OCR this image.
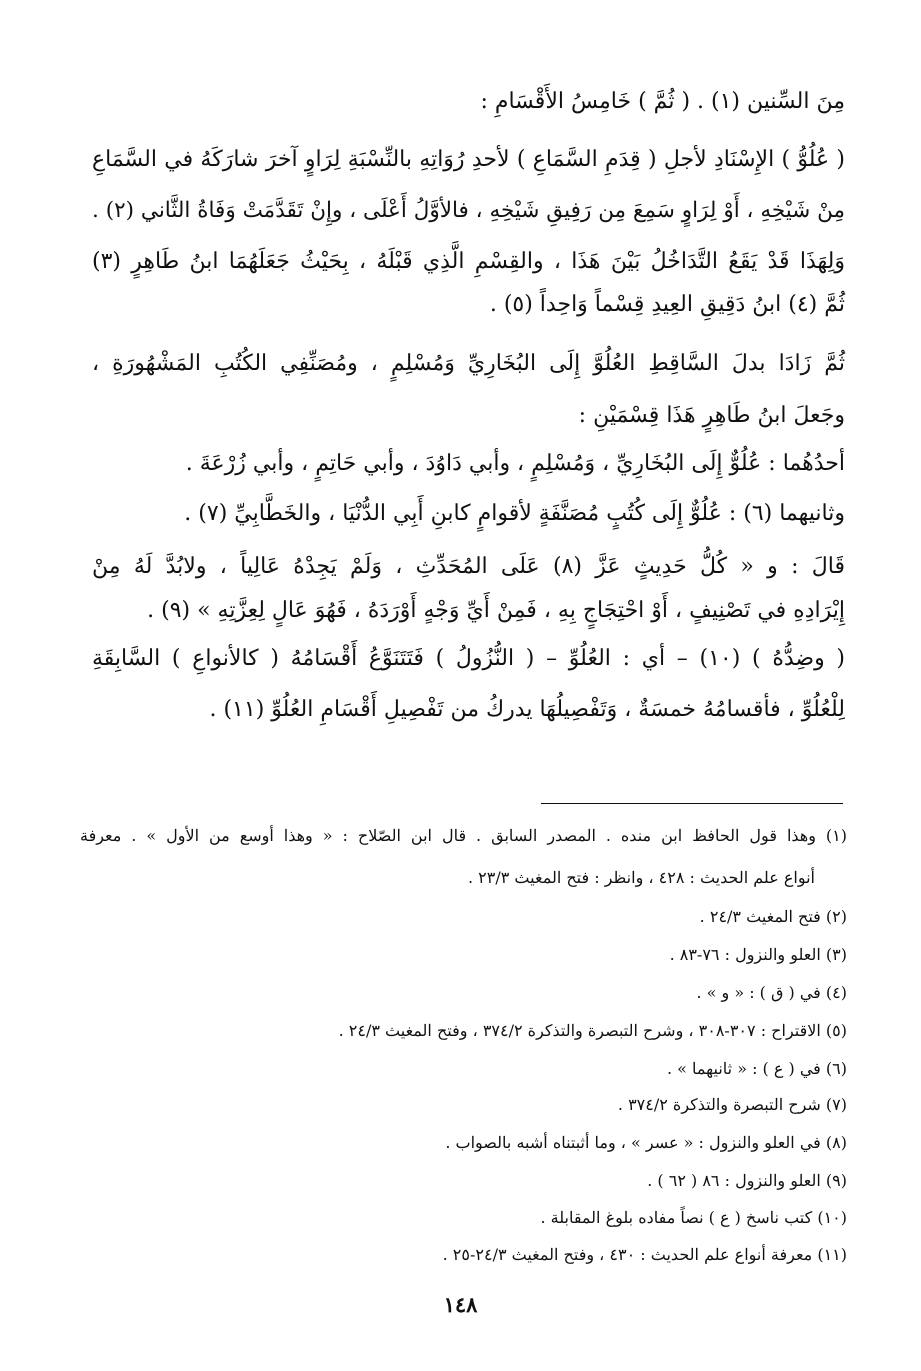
مِنَ السِّنين (١) . ( ثُمَّ ) خَامِسُ الأَقْسَامِ :
( عُلُوُّ ) الإِسْنَادِ لأجلِ ( قِدَمِ السَّمَاعِ ) لأحدِ رُوَاتِهِ بالنِّسْبَةِ لِرَاوٍ آخرَ شارَكَهُ في السَّمَاعِ
مِنْ شَيْخِهِ ، أَوْ لِرَاوٍ سَمِعَ مِن رَفِيقِ شَيْخِهِ ، فالأوَّلُ أَعْلَى ، وإِنْ تَقَدَّمَتْ وَفَاةُ الثَّاني (٢) .
وَلِهَذَا قَدْ يَقَعُ التَّدَاخُلُ بَيْنَ هَذَا ، والقِسْمِ الَّذِي قَبْلَهُ ، بِحَيْثُ جَعَلَهُمَا ابنُ طَاهِرٍ (٣)
ثُمَّ (٤) ابنُ دَقِيقِ العِيدِ قِسْماً وَاحِداً (٥) .
ثُمَّ زَادَا بدلَ السَّاقِطِ العُلُوَّ إِلَى البُخَارِيِّ وَمُسْلِمٍ ، ومُصَنِّفِي الكُتُبِ المَشْهُورَةِ ،
وجَعلَ ابنُ طَاهِرٍ هَذَا قِسْمَيْنِ :
أحدُهُما : عُلُوٌّ إِلَى البُخَارِيِّ ، وَمُسْلِمٍ ، وأبي دَاوُدَ ، وأبي حَاتِمٍ ، وأبي زُرْعَةَ .
وثانيهما (٦) : عُلُوٌّ إِلَى كُتُبٍ مُصَنَّفَةٍ لأقوامٍ كابنِ أَبِي الدُّنْيَا ، والخَطَّابِيِّ (٧) .
قَالَ : و « كُلُّ حَدِيثٍ عَزَّ (٨) عَلَى المُحَدِّثِ ، وَلَمْ يَجِدْهُ عَالِياً ، ولابُدَّ لَهُ مِنْ
إِيْرَادِهِ في تَصْنِيفٍ ، أَوْ احْتِجَاجٍ بِهِ ، فَمِنْ أَيِّ وَجْهٍ أَوْرَدَهُ ، فَهُوَ عَالٍ لِعِزَّتِهِ » (٩) .
( وضِدُّهُ ) (١٠) – أي : العُلُوِّ – ( النُّزُولُ ) فَتَتَنَوَّعُ أَقْسَامُهُ ( كالأنواعِ ) السَّابِقَةِ
لِلْعُلُوِّ ، فأقسامُهُ خمسَةٌ ، وَتَفْصِيلُهَا يدركُ من تَفْصِيلِ أَقْسَامِ العُلُوِّ (١١) .
(١) وهذا قول الحافظ ابن منده . المصدر السابق . قال ابن الصّلاح : « وهذا أوسع من الأول » . معرفة
أنواع علم الحديث : ٤٢٨ ، وانظر : فتح المغيث ٢٣/٣ .
(٢) فتح المغيث ٢٤/٣ .
(٣) العلو والنزول : ٧٦-٨٣ .
(٤) في ( ق ) : « و » .
(٥) الاقتراح : ٣٠٧-٣٠٨ ، وشرح التبصرة والتذكرة ٣٧٤/٢ ، وفتح المغيث ٢٤/٣ .
(٦) في ( ع ) : « ثانيهما » .
(٧) شرح التبصرة والتذكرة ٣٧٤/٢ .
(٨) في العلو والنزول : « عسر » ، وما أثبتناه أشبه بالصواب .
(٩) العلو والنزول : ٨٦ ( ٦٢ ) .
(١٠) كتب ناسخ ( ع ) نصاً مفاده بلوغ المقابلة .
(١١) معرفة أنواع علم الحديث : ٤٣٠ ، وفتح المغيث ٢٤/٣-٢٥ .
١٤٨
